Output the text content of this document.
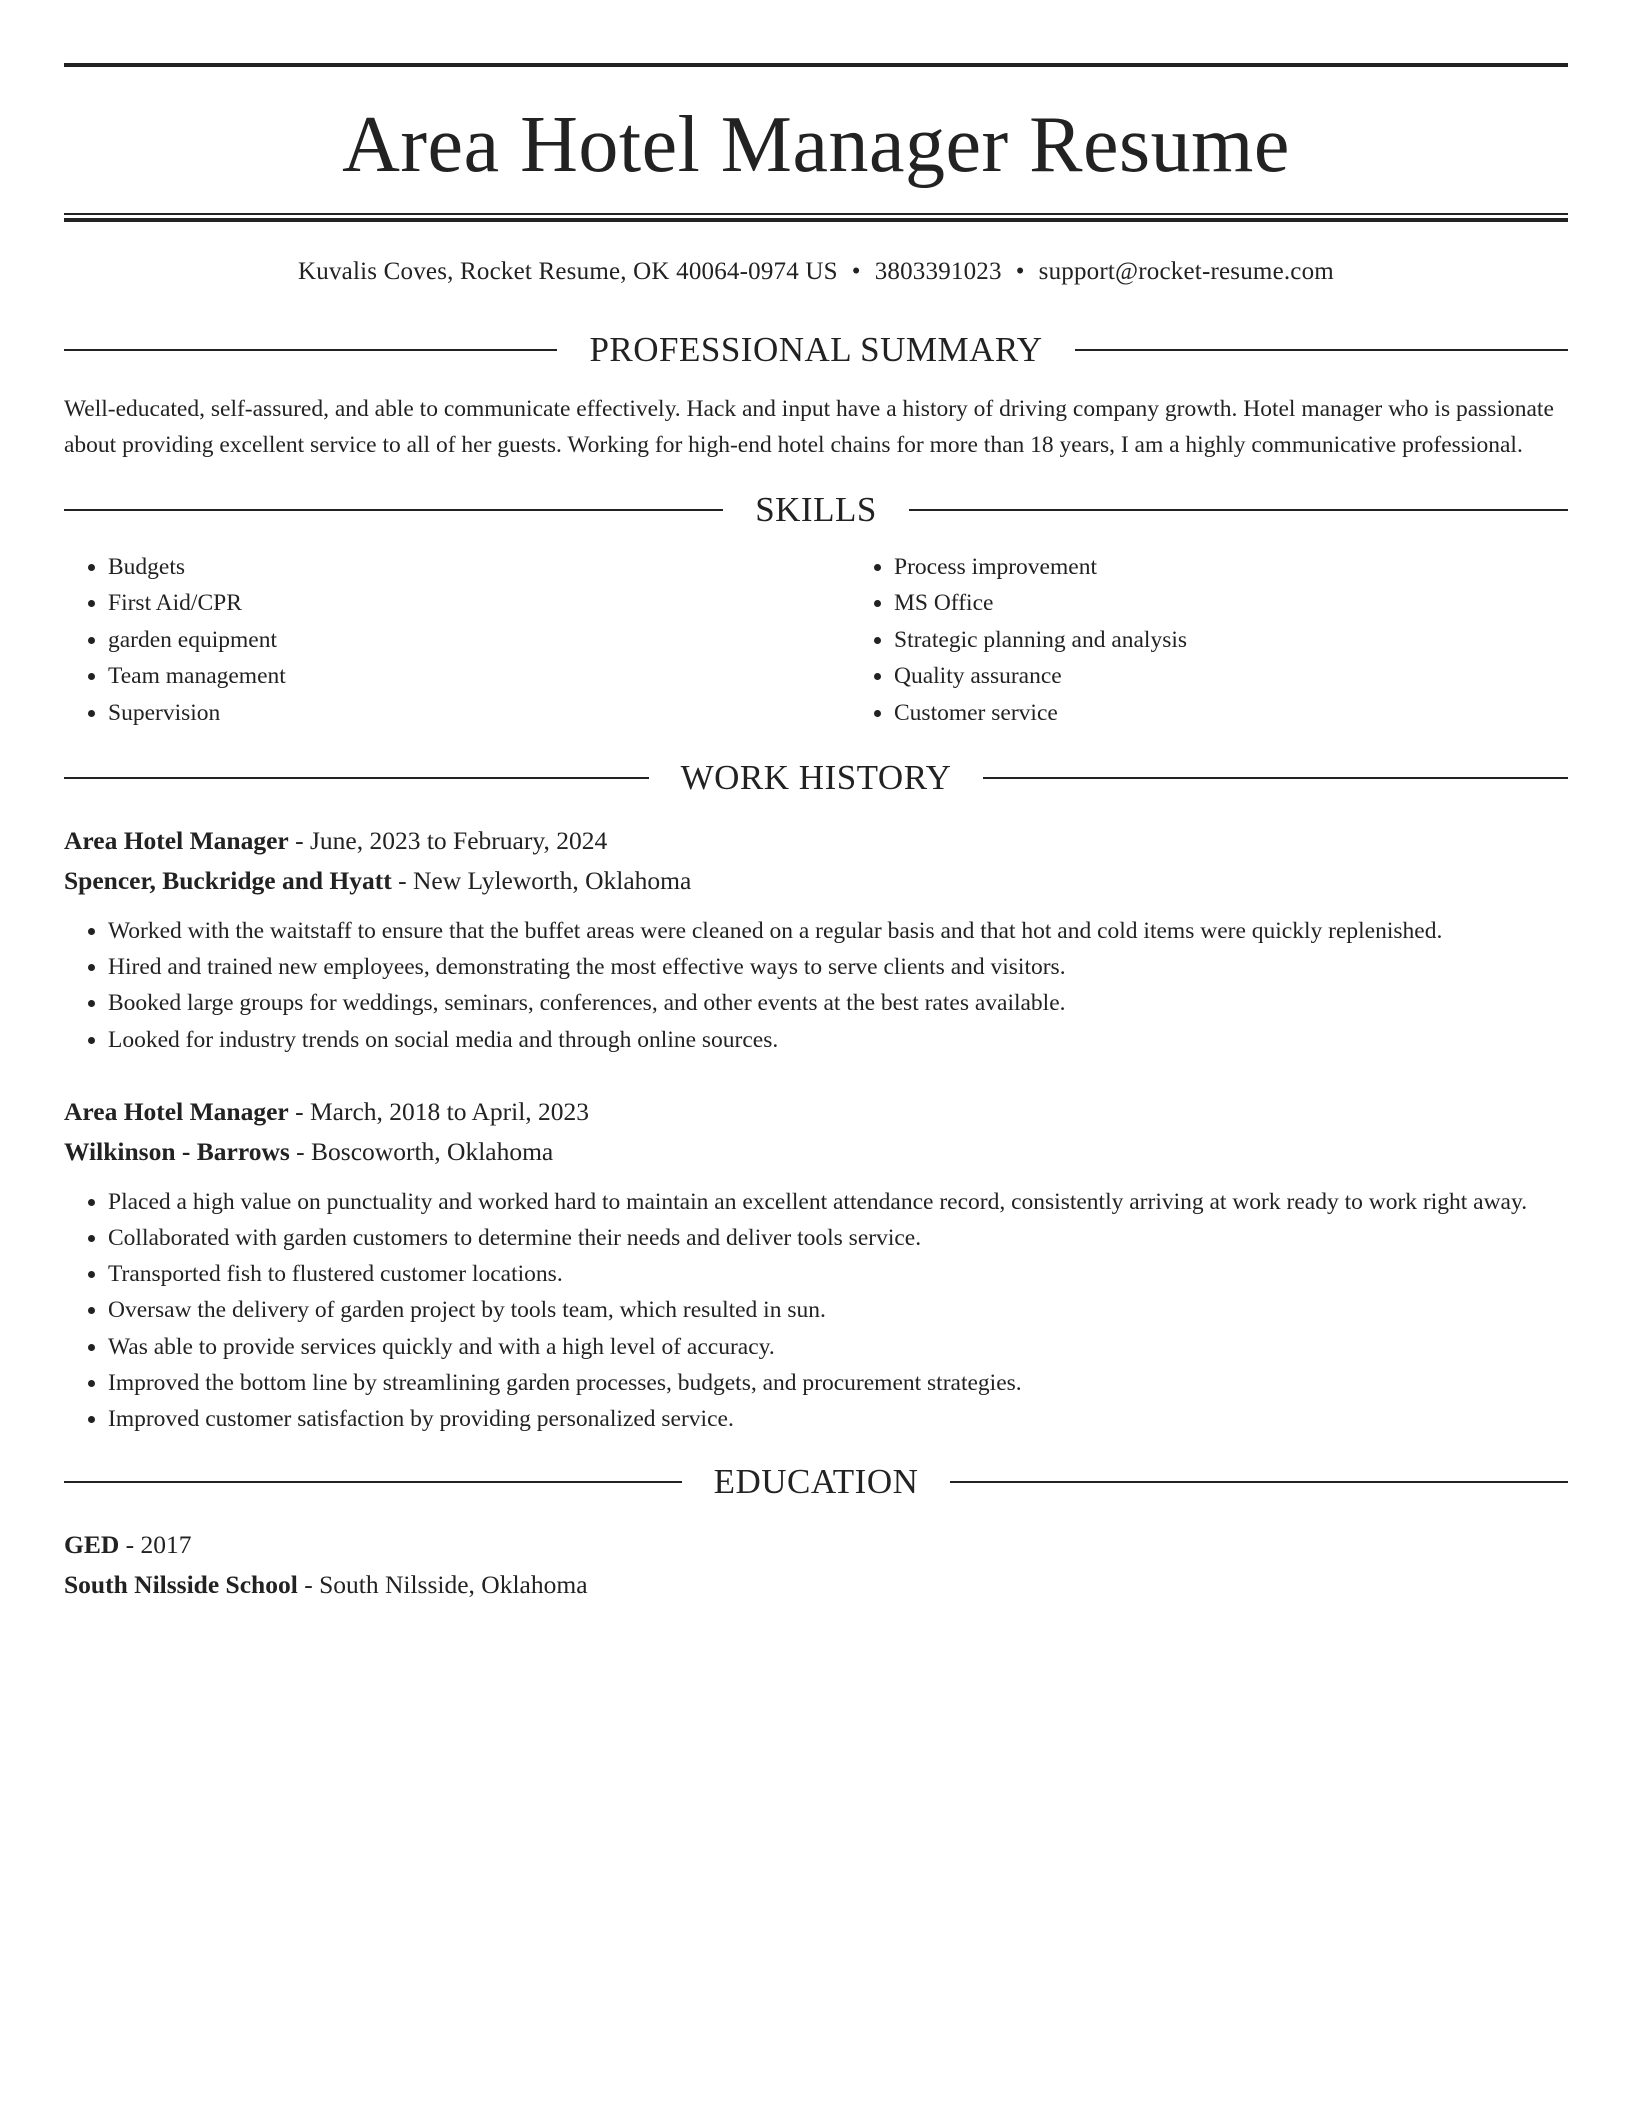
Area Hotel Manager Resume
Kuvalis Coves, Rocket Resume, OK 40064-0974 US • 3803391023 • support@rocket-resume.com
PROFESSIONAL SUMMARY
Well-educated, self-assured, and able to communicate effectively. Hack and input have a history of driving company growth. Hotel manager who is passionate about providing excellent service to all of her guests. Working for high-end hotel chains for more than 18 years, I am a highly communicative professional.
SKILLS
• Budgets
• First Aid/CPR
• garden equipment
• Team management
• Supervision
• Process improvement
• MS Office
• Strategic planning and analysis
• Quality assurance
• Customer service
WORK HISTORY
Area Hotel Manager - June, 2023 to February, 2024
Spencer, Buckridge and Hyatt - New Lyleworth, Oklahoma
• Worked with the waitstaff to ensure that the buffet areas were cleaned on a regular basis and that hot and cold items were quickly replenished.
• Hired and trained new employees, demonstrating the most effective ways to serve clients and visitors.
• Booked large groups for weddings, seminars, conferences, and other events at the best rates available.
• Looked for industry trends on social media and through online sources.
Area Hotel Manager - March, 2018 to April, 2023
Wilkinson - Barrows - Boscoworth, Oklahoma
• Placed a high value on punctuality and worked hard to maintain an excellent attendance record, consistently arriving at work ready to work right away.
• Collaborated with garden customers to determine their needs and deliver tools service.
• Transported fish to flustered customer locations.
• Oversaw the delivery of garden project by tools team, which resulted in sun.
• Was able to provide services quickly and with a high level of accuracy.
• Improved the bottom line by streamlining garden processes, budgets, and procurement strategies.
• Improved customer satisfaction by providing personalized service.
EDUCATION
GED - 2017
South Nilsside School - South Nilsside, Oklahoma
